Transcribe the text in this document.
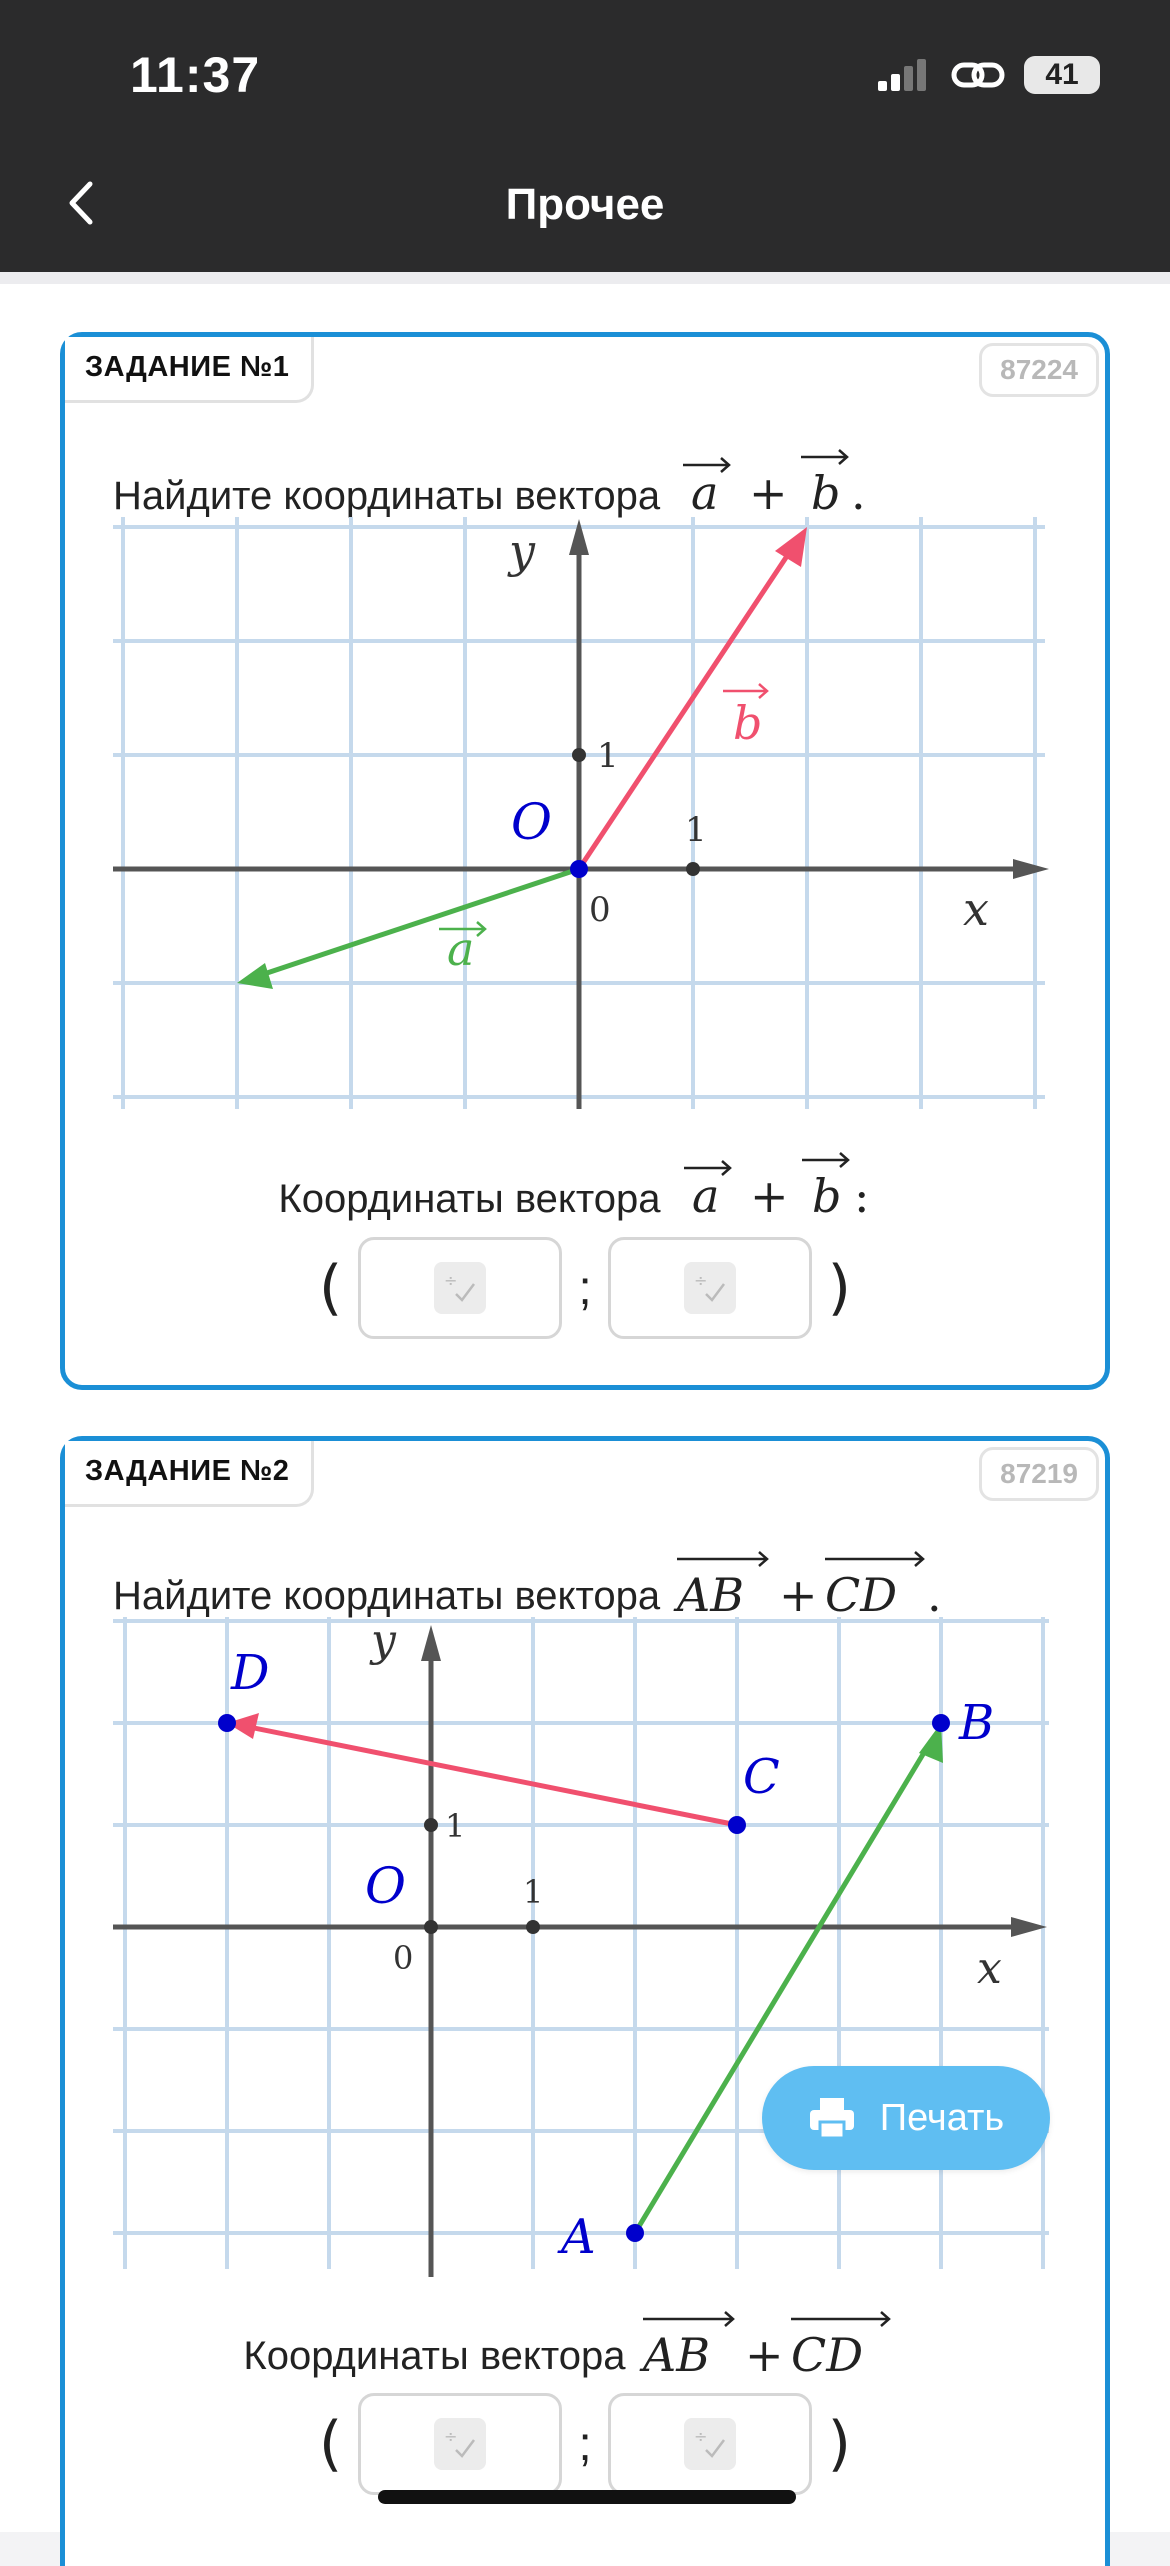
11:37	41
Прочее
ЗАДАНИЕ №1	87224
Найдите координаты вектора a + b .
y
x
O
0
1
1
b
a
Координаты вектора a + b :
(	÷	;	÷ )
ЗАДАНИЕ №2	87219
Найдите координаты вектора AB + CD .
y
x
O
0
1
1
D
C
B
A
Координаты вектора AB + CD
(	÷	;	÷ )
Печать
